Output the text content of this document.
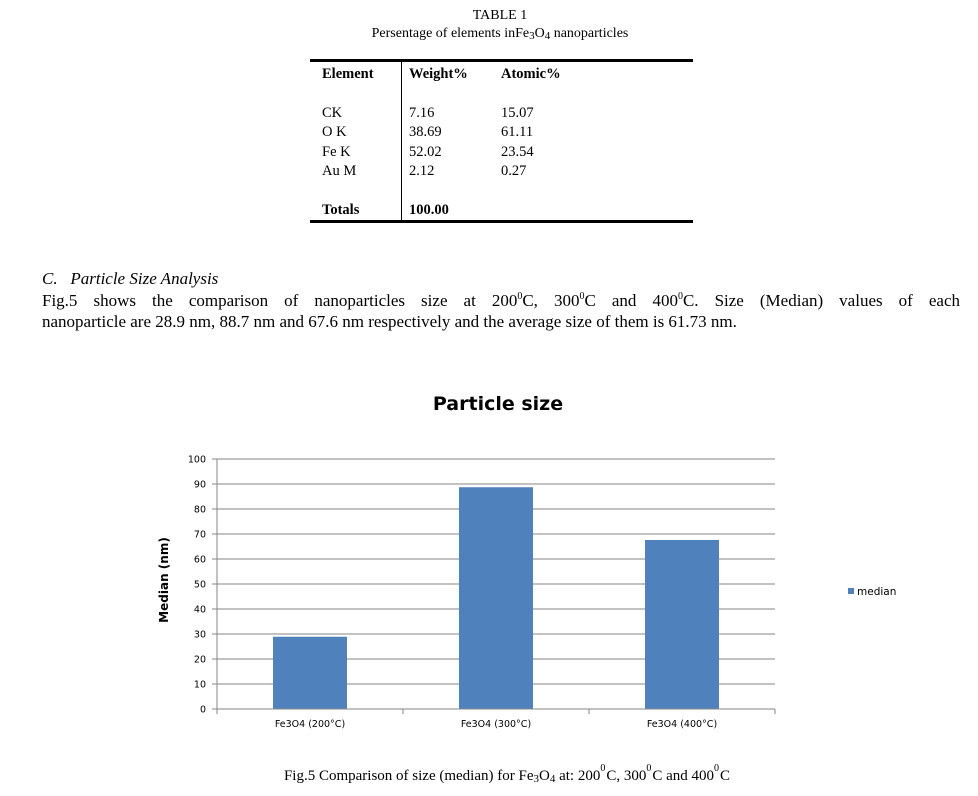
TABLE 1
Persentage of elements $inFe_3O_4$ nanoparticles
Element Weight% Atomic%
CK	7.16	15.07
O K	38.69	61.11
Fe K	52.02	23.54
Au M	2.12	0.27
Totals	100.00
C. Particle Size Analysis
Fig.5 shows the comparison of nanoparticles size at $200^0C$, $300^0C$ and $400^0C$. Size (Median) values of each
nanoparticle are 28.9 nm, 88.7 nm and 67.6 nm respectively and the average size of them is 61.73 nm.
Particle size
0
10
20
30
40
50
60
70
80
90
100
Fe3O4 (200°C)	Fe3O4 (300°C)	Fe3O4 (400°C)
Median (nm)	median
Fig.5 Comparison of size (median) for $Fe_3O_4$ at: $200^0C$, $300^0C$ and $400^0C$
